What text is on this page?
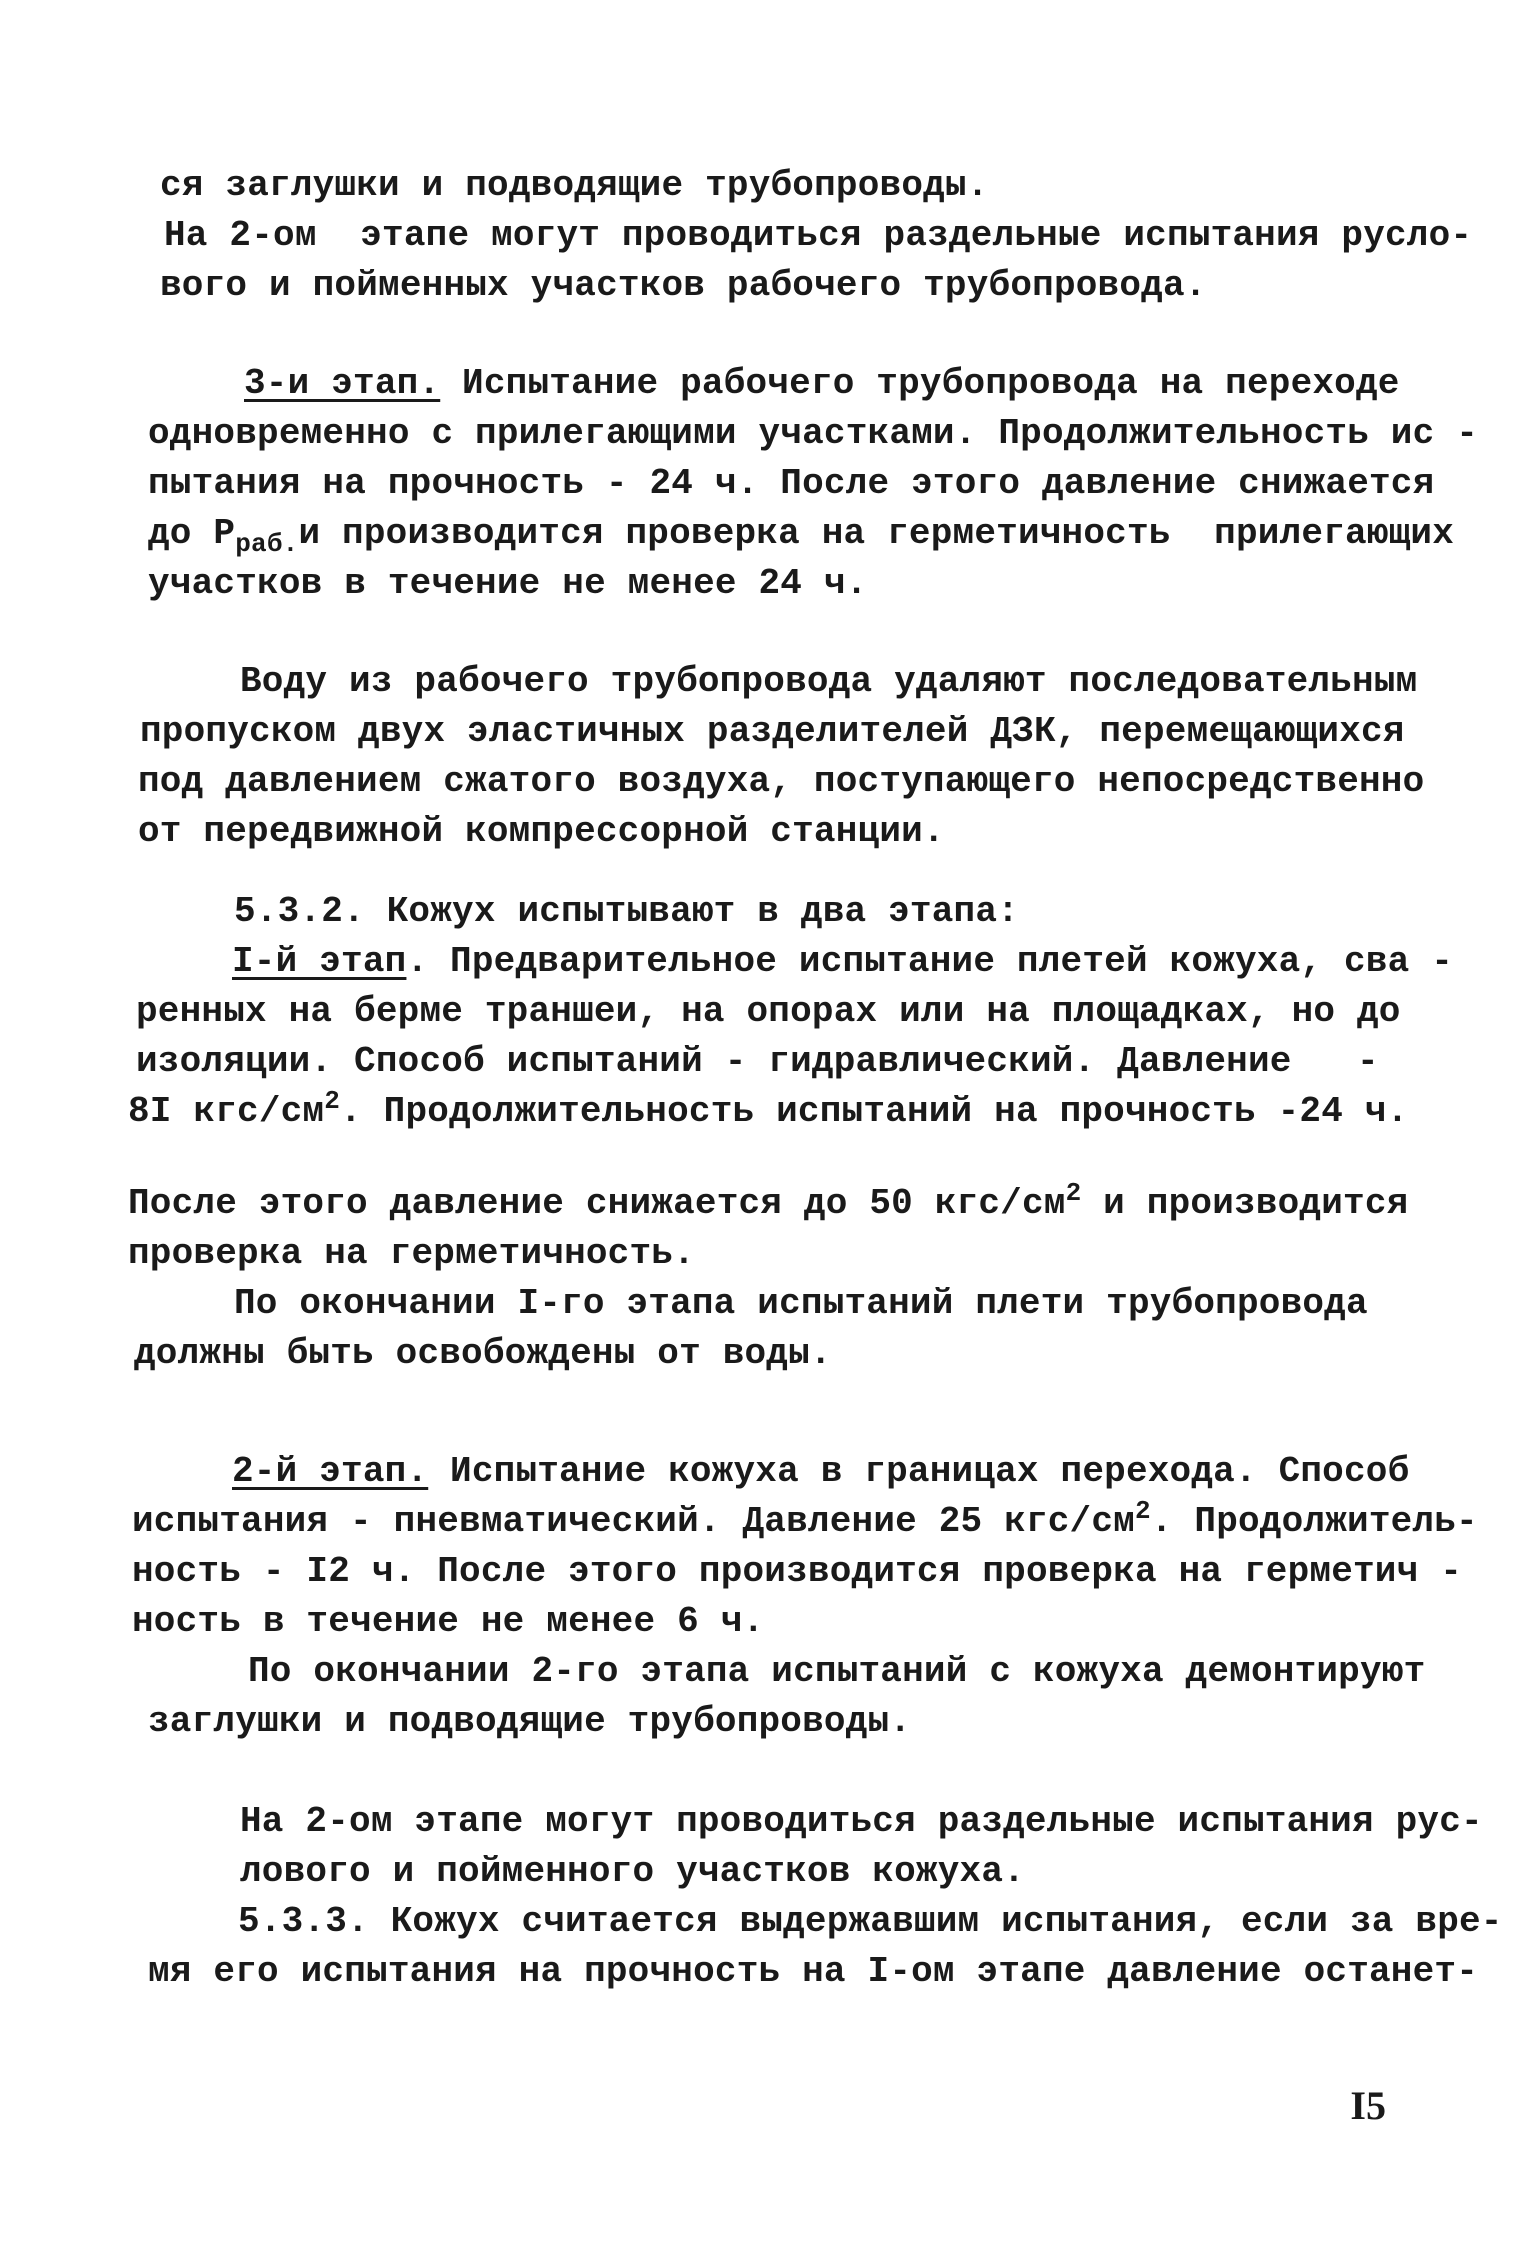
ся заглушки и подводящие трубопроводы.
На 2-ом  этапе могут проводиться раздельные испытания русло-
вого и пойменных участков рабочего трубопровода.
3-и этап. Испытание рабочего трубопровода на переходе
одновременно с прилегающими участками. Продолжительность ис -
пытания на прочность - 24 ч. После этого давление снижается
до $Р_{раб.}и$ производится проверка на герметичность  прилегающих
участков в течение не менее 24 ч.
Воду из рабочего трубопровода удаляют последовательным
пропуском двух эластичных разделителей ДЗК, перемещающихся
под давлением сжатого воздуха, поступающего непосредственно
от передвижной компрессорной станции.
5.3.2. Кожух испытывают в два этапа:
I-й этап. Предварительное испытание плетей кожуха, сва -
ренных на берме траншеи, на опорах или на площадках, но до
изоляции. Способ испытаний - гидравлический. Давление   -
8I кгс/$см^2$. Продолжительность испытаний на прочность -24 ч.
После этого давление снижается до 50 кгс/$см^2$ и производится
проверка на герметичность.
По окончании I-го этапа испытаний плети трубопровода
должны быть освобождены от воды.
2-й этап. Испытание кожуха в границах перехода. Способ
испытания - пневматический. Давление 25 кгс/$см^2$. Продолжитель-
ность - I2 ч. После этого производится проверка на герметич -
ность в течение не менее 6 ч.
По окончании 2-го этапа испытаний с кожуха демонтируют
заглушки и подводящие трубопроводы.
На 2-ом этапе могут проводиться раздельные испытания рус-
лового и пойменного участков кожуха.
5.3.3. Кожух считается выдержавшим испытания, если за вре-
мя его испытания на прочность на I-ом этапе давление останет-
I5
